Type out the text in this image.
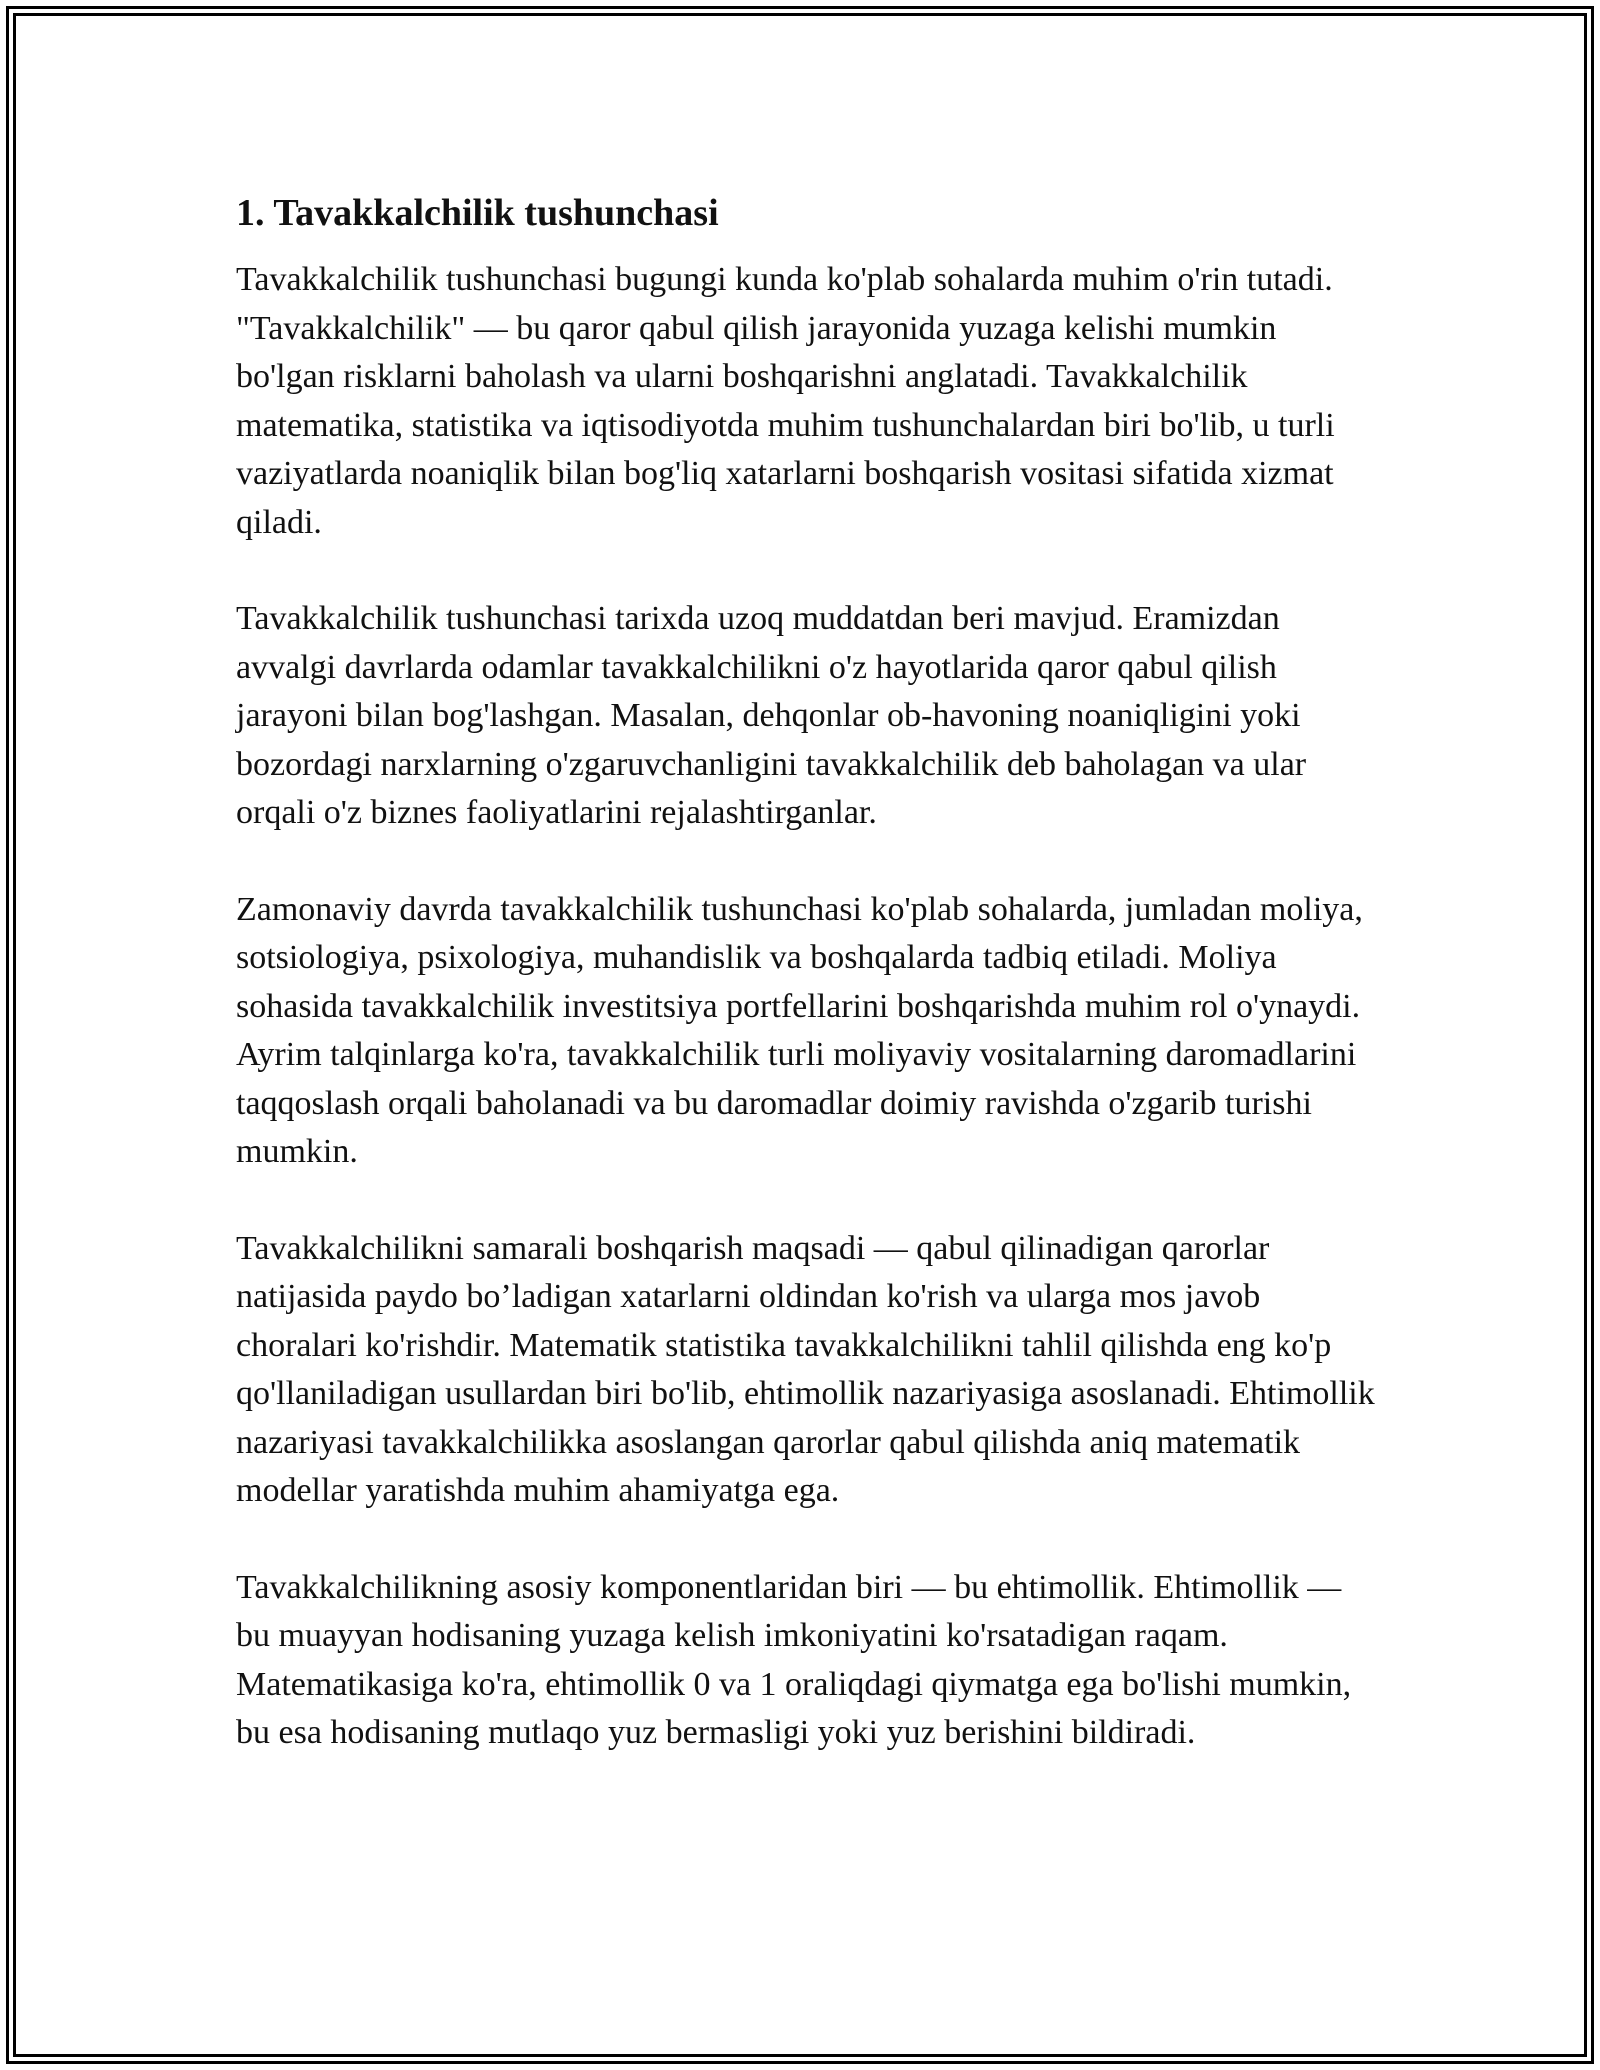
1. Tavakkalchilik tushunchasi

Tavakkalchilik tushunchasi bugungi kunda ko'plab sohalarda muhim o'rin tutadi. "Tavakkalchilik" — bu qaror qabul qilish jarayonida yuzaga kelishi mumkin bo'lgan risklarni baholash va ularni boshqarishni anglatadi. Tavakkalchilik matematika, statistika va iqtisodiyotda muhim tushunchalardan biri bo'lib, u turli vaziyatlarda noaniqlik bilan bog'liq xatarlarni boshqarish vositasi sifatida xizmat qiladi.

Tavakkalchilik tushunchasi tarixda uzoq muddatdan beri mavjud. Eramizdan avvalgi davrlarda odamlar tavakkalchilikni o'z hayotlarida qaror qabul qilish jarayoni bilan bog'lashgan. Masalan, dehqonlar ob-havoning noaniqligini yoki bozordagi narxlarning o'zgaruvchanligini tavakkalchilik deb baholagan va ular orqali o'z biznes faoliyatlarini rejalashtirganlar.

Zamonaviy davrda tavakkalchilik tushunchasi ko'plab sohalarda, jumladan moliya, sotsiologiya, psixologiya, muhandislik va boshqalarda tadbiq etiladi. Moliya sohasida tavakkalchilik investitsiya portfellarini boshqarishda muhim rol o'ynaydi. Ayrim talqinlarga ko'ra, tavakkalchilik turli moliyaviy vositalarning daromadlarini taqqoslash orqali baholanadi va bu daromadlar doimiy ravishda o'zgarib turishi mumkin.

Tavakkalchilikni samarali boshqarish maqsadi — qabul qilinadigan qarorlar natijasida paydo bo’ladigan xatarlarni oldindan ko'rish va ularga mos javob choralari ko'rishdir. Matematik statistika tavakkalchilikni tahlil qilishda eng ko'p qo'llaniladigan usullardan biri bo'lib, ehtimollik nazariyasiga asoslanadi. Ehtimollik nazariyasi tavakkalchilikka asoslangan qarorlar qabul qilishda aniq matematik modellar yaratishda muhim ahamiyatga ega.

Tavakkalchilikning asosiy komponentlaridan biri — bu ehtimollik. Ehtimollik — bu muayyan hodisaning yuzaga kelish imkoniyatini ko'rsatadigan raqam. Matematikasiga ko'ra, ehtimollik 0 va 1 oraliqdagi qiymatga ega bo'lishi mumkin, bu esa hodisaning mutlaqo yuz bermasligi yoki yuz berishini bildiradi.
